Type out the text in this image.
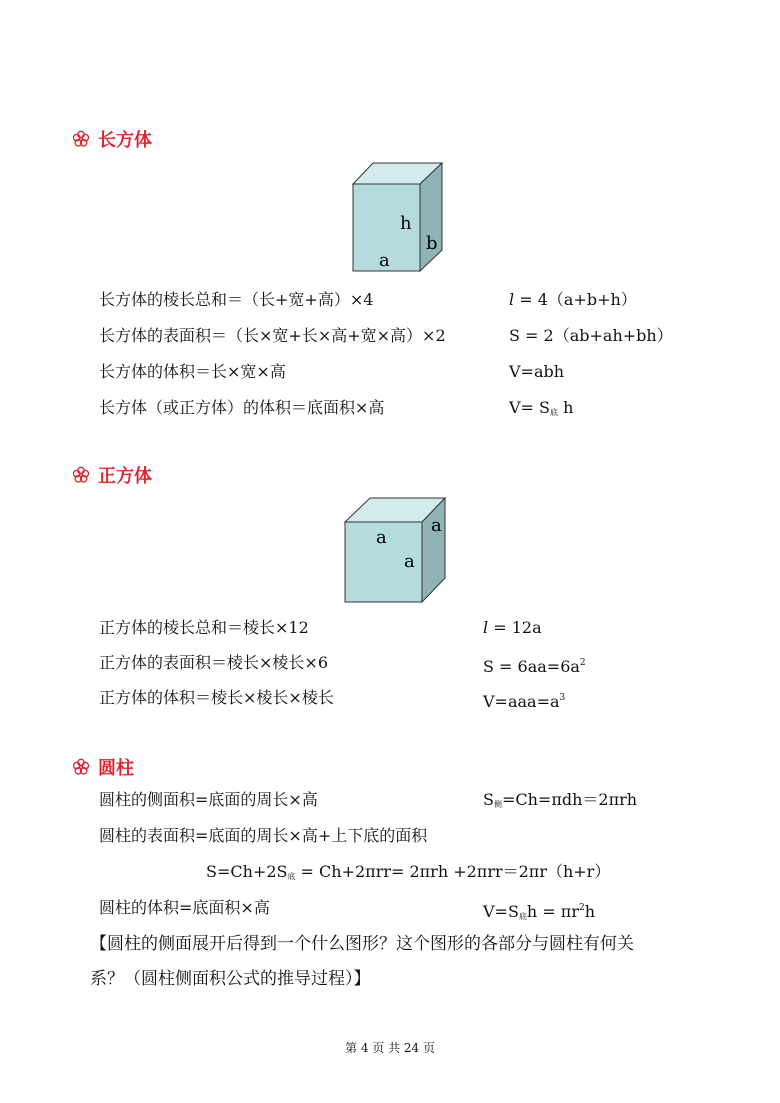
长方体
h
b
a
长方体的棱长总和＝（长+宽+高）×4	l = 4（a+b+h）
长方体的表面积＝（长×宽+长×高+宽×高）×2	S = 2（ab+ah+bh）
长方体的体积＝长×宽×高	V=abh
长方体（或正方体）的体积＝底面积×高	$V= S_底$ h
正方体
a
a
a
正方体的棱长总和＝棱长×12	l = 12a
正方体的表面积＝棱长×棱长×6	$S = 6aa=6a^2$
正方体的体积＝棱长×棱长×棱长	$V=aaa=a^3$
圆柱
圆柱的侧面积=底面的周长×高	$S_侧=Ch=\pi dh=2\pi rh$
圆柱的表面积=底面的周长×高+上下底的面积
$S=Ch+2S_底 = Ch+2\pi rr= 2\pi rh +2\pi rr=2\pi r(h+r)$
圆柱的体积=底面积×高	$V=S_底h = \pi r^2h$
【圆柱的侧面展开后得到一个什么图形？这个图形的各部分与圆柱有何关
系？（圆柱侧面积公式的推导过程）】
第 4 页 共 24 页
